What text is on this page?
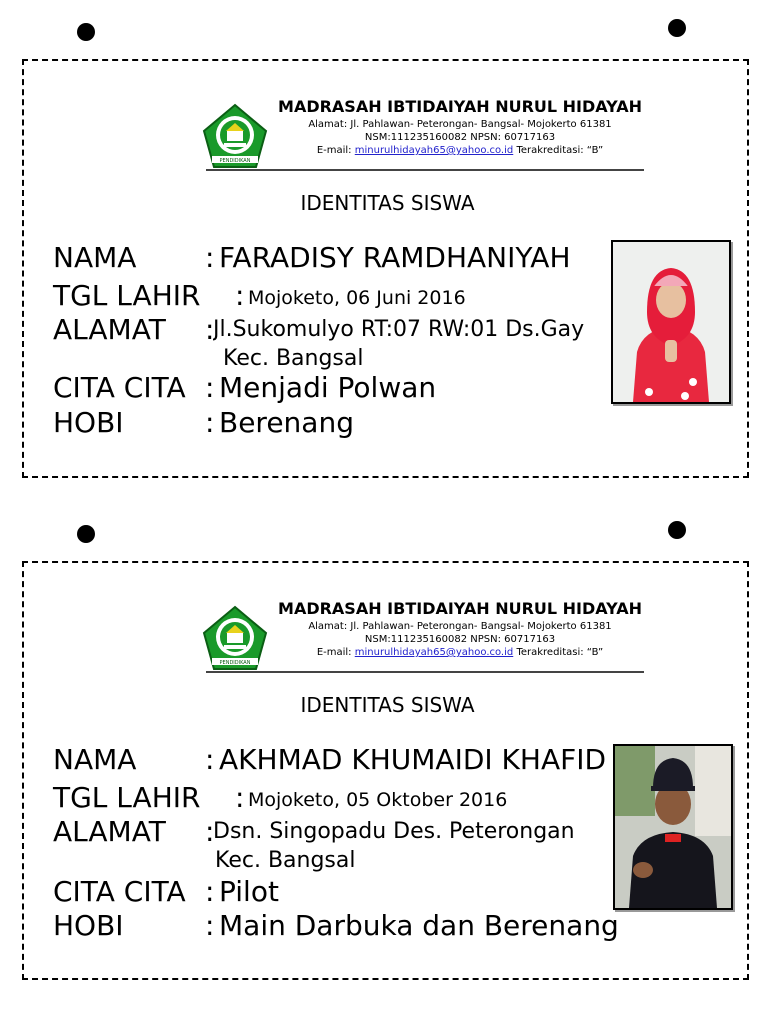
PENDIDIKAN
MADRASAH IBTIDAIYAH NURUL HIDAYAH
Alamat: Jl. Pahlawan- Peterongan- Bangsal- Mojokerto 61381
NSM:111235160082 NPSN: 60717163
E-mail: minurulhidayah65@yahoo.co.id Terakreditasi: “B”
IDENTITAS SISWA
NAMA : FARADISY RAMDHANIYAH
TGL LAHIR : Mojoketo, 06 Juni 2016
ALAMAT :
Jl.Sukomulyo RT:07 RW:01 Ds.Gay
Kec. Bangsal
CITA CITA : Menjadi Polwan
HOBI	: Berenang
PENDIDIKAN
MADRASAH IBTIDAIYAH NURUL HIDAYAH
Alamat: Jl. Pahlawan- Peterongan- Bangsal- Mojokerto 61381
NSM:111235160082 NPSN: 60717163
E-mail: minurulhidayah65@yahoo.co.id Terakreditasi: “B”
IDENTITAS SISWA
NAMA : AKHMAD KHUMAIDI KHAFID
TGL LAHIR : Mojoketo, 05 Oktober 2016
ALAMAT :
Dsn. Singopadu Des. Peterongan
Kec. Bangsal
CITA CITA : Pilot
HOBI	: Main Darbuka dan Berenang
